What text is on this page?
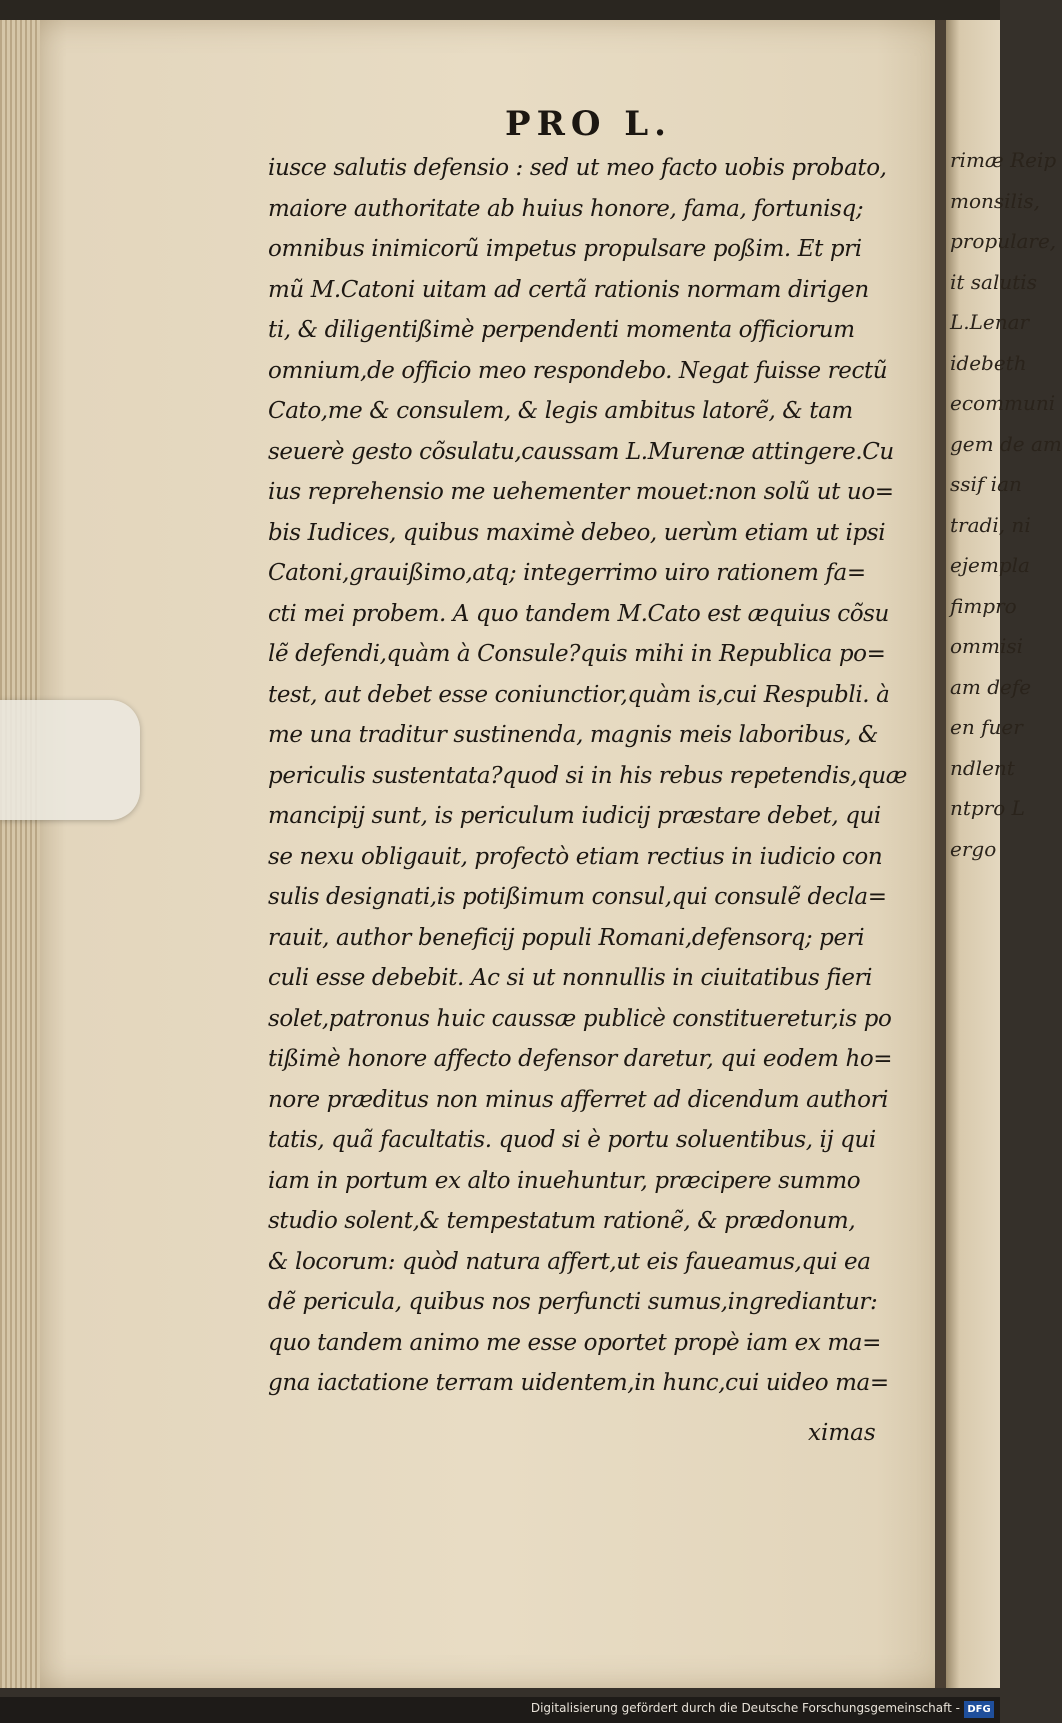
PRO L.
iusce salutis defensio : sed ut meo facto uobis probato,
maiore authoritate ab huius honore, fama, fortunisq;
omnibus inimicorũ impetus propulsare poßim. Et pri
mũ M.Catoni uitam ad certã rationis normam dirigen
ti, & diligentißimè perpendenti momenta officiorum
omnium,de officio meo respondebo. Negat fuisse rectũ
Cato,me & consulem, & legis ambitus latorẽ, & tam
seuerè gesto cõsulatu,caussam L.Murenæ attingere.Cu
ius reprehensio me uehementer mouet:non solũ ut uo=
bis Iudices, quibus maximè debeo, uerùm etiam ut ipsi
Catoni,grauißimo,atq; integerrimo uiro rationem fa=
cti mei probem. A quo tandem M.Cato est æquius cõsu
lẽ defendi,quàm à Consule?quis mihi in Republica po=
test, aut debet esse coniunctior,quàm is,cui Respubli. à
me una traditur sustinenda, magnis meis laboribus, &
periculis sustentata?quod si in his rebus repetendis,quæ
mancipij sunt, is periculum iudicij præstare debet, qui
se nexu obligauit, profectò etiam rectius in iudicio con
sulis designati,is potißimum consul,qui consulẽ decla=
rauit, author beneficij populi Romani,defensorq; peri
culi esse debebit. Ac si ut nonnullis in ciuitatibus fieri
solet,patronus huic caussæ publicè constitueretur,is po
tißimè honore affecto defensor daretur, qui eodem ho=
nore præditus non minus afferret ad dicendum authori
tatis, quã facultatis. quod si è portu soluentibus, ij qui
iam in portum ex alto inuehuntur, præcipere summo
studio solent,& tempestatum rationẽ, & prædonum,
& locorum: quòd natura affert,ut eis faueamus,qui ea
dẽ pericula, quibus nos perfuncti sumus,ingrediantur:
quo tandem animo me esse oportet propè iam ex ma=
gna iactatione terram uidentem,in hunc,cui uideo ma=
ximas
rimæ Reip
monsilis,
propulare,
it salutis
L.Lenar
idebeth
ecommuni
gem de am
ssif ian
tradi, ni
ejempla
fimpro
ommisi
am defe
en fuer
ndlent
ntpro L
ergo
Digitalisierung gefördert durch die Deutsche Forschungsgemeinschaft - DFG
